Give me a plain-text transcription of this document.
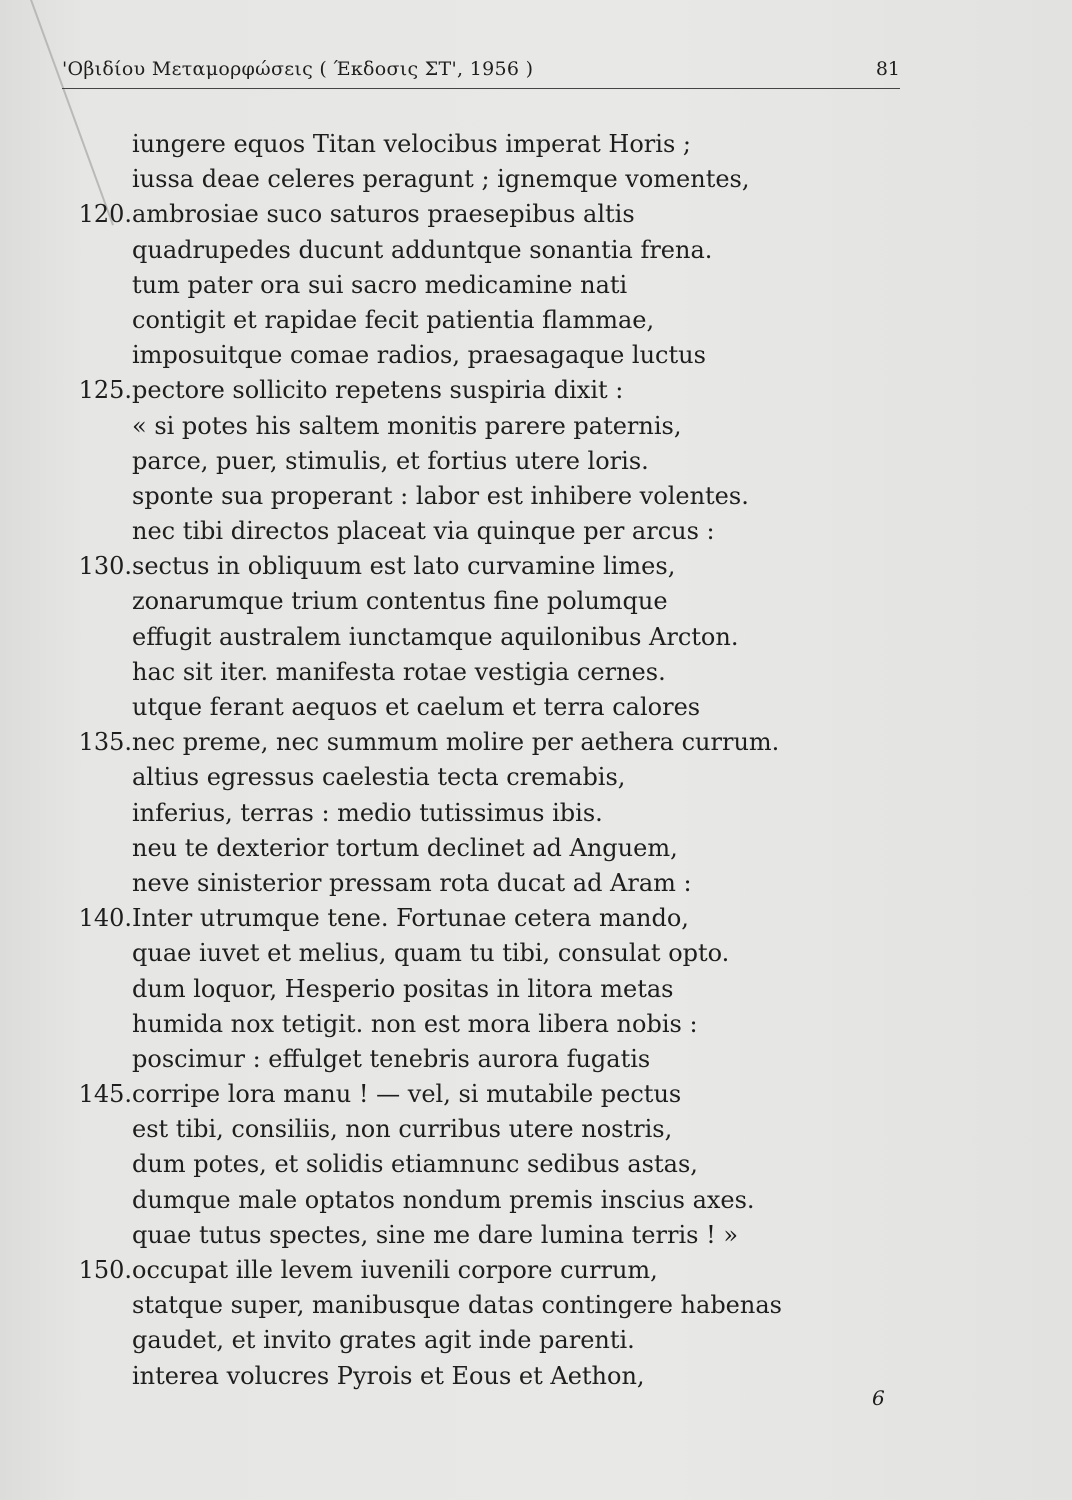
'Οβιδίου Μεταμορφώσεις ( Έκδοσις ΣΤ', 1956 )	81
iungere equos Titan velocibus imperat Horis ;
iussa deae celeres peragunt ; ignemque vomentes,
120. ambrosiae suco saturos praesepibus altis
quadrupedes ducunt adduntque sonantia frena.
tum pater ora sui sacro medicamine nati
contigit et rapidae fecit patientia flammae,
imposuitque comae radios, praesagaque luctus
125. pectore sollicito repetens suspiria dixit :
« si potes his saltem monitis parere paternis,
parce, puer, stimulis, et fortius utere loris.
sponte sua properant : labor est inhibere volentes.
nec tibi directos placeat via quinque per arcus :
130. sectus in obliquum est lato curvamine limes,
zonarumque trium contentus fine polumque
effugit australem iunctamque aquilonibus Arcton.
hac sit iter. manifesta rotae vestigia cernes.
utque ferant aequos et caelum et terra calores
135. nec preme, nec summum molire per aethera currum.
altius egressus caelestia tecta cremabis,
inferius, terras : medio tutissimus ibis.
neu te dexterior tortum declinet ad Anguem,
neve sinisterior pressam rota ducat ad Aram :
140. Inter utrumque tene. Fortunae cetera mando,
quae iuvet et melius, quam tu tibi, consulat opto.
dum loquor, Hesperio positas in litora metas
humida nox tetigit. non est mora libera nobis :
poscimur : effulget tenebris aurora fugatis
145. corripe lora manu ! — vel, si mutabile pectus
est tibi, consiliis, non curribus utere nostris,
dum potes, et solidis etiamnunc sedibus astas,
dumque male optatos nondum premis inscius axes.
quae tutus spectes, sine me dare lumina terris ! »
150. occupat ille levem iuvenili corpore currum,
statque super, manibusque datas contingere habenas
gaudet, et invito grates agit inde parenti.
interea volucres Pyrois et Eous et Aethon,
6
